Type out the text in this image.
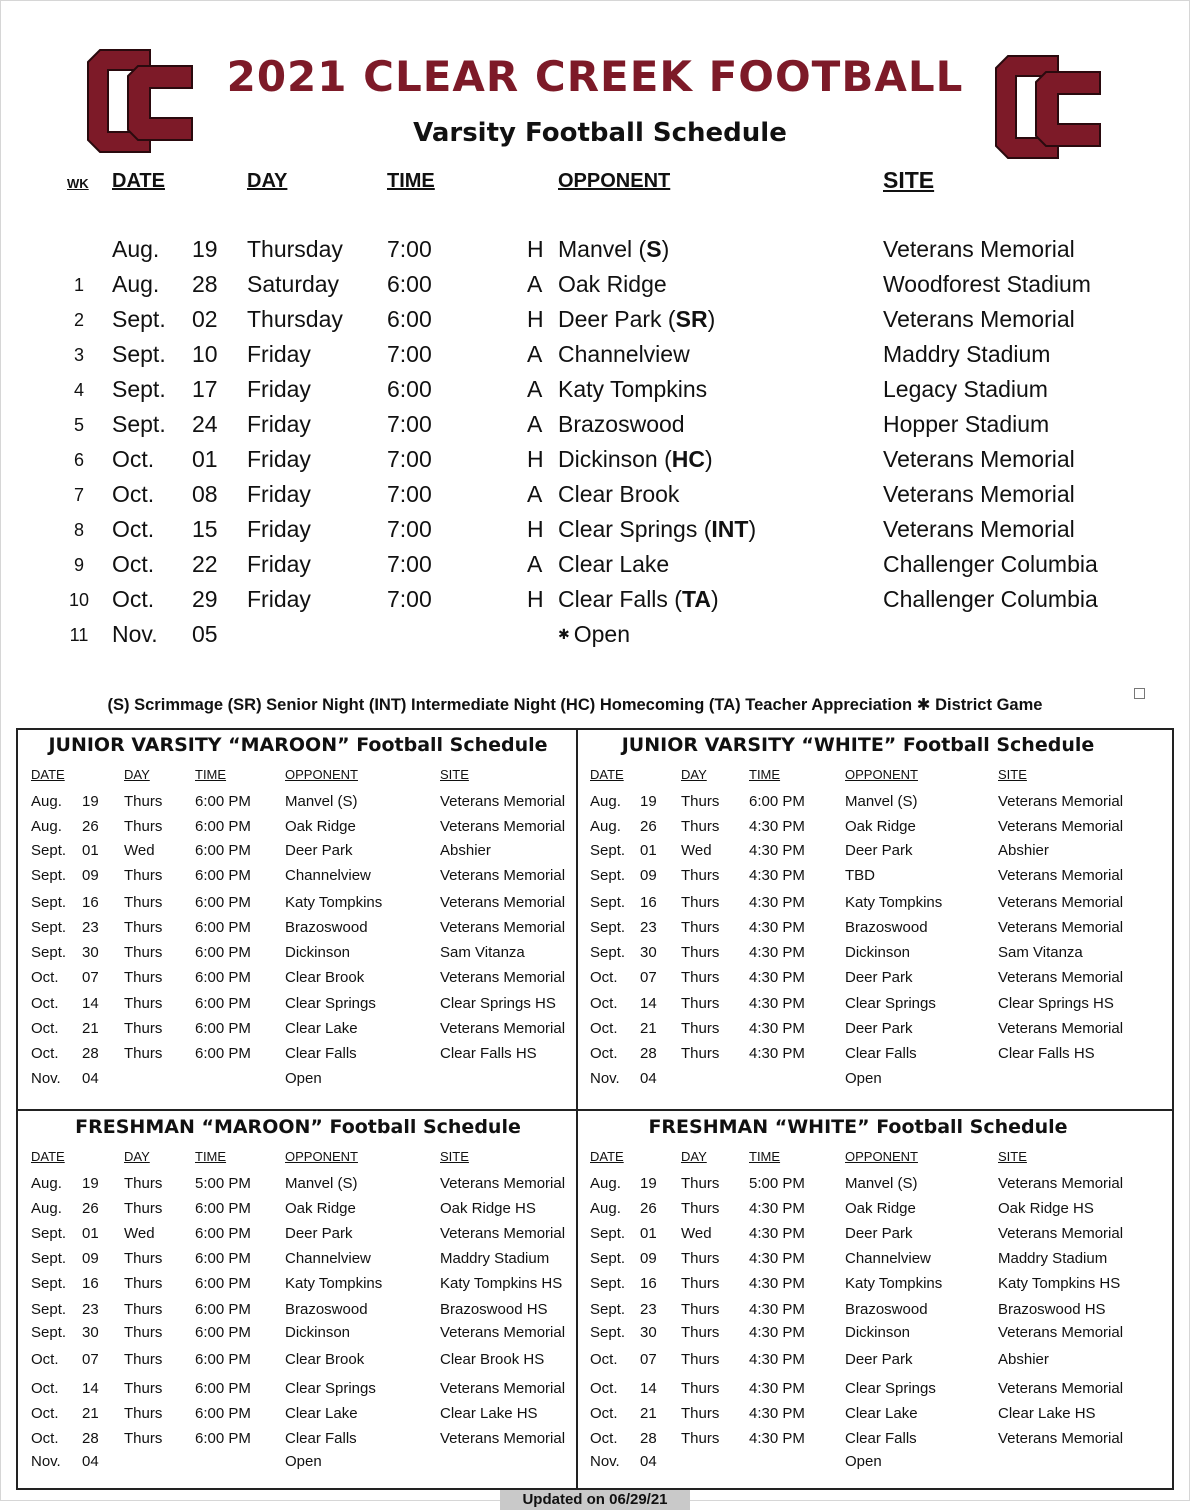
2021 CLEAR CREEK FOOTBALL
Varsity Football Schedule
WK DATE	DAY	TIME	OPPONENT	SITE
Aug. 19 Thursday 7:00	H Manvel (S)	Veterans Memorial
1	Aug. 28 Saturday 6:00	A Oak Ridge	Woodforest Stadium
2	Sept. 02 Thursday 6:00	H Deer Park (SR)	Veterans Memorial
3	Sept. 10 Friday	7:00	A Channelview	Maddry Stadium
4	Sept. 17 Friday	6:00	A Katy Tompkins	Legacy Stadium
5	Sept. 24 Friday	7:00	A Brazoswood	Hopper Stadium
6	Oct. 01 Friday	7:00	H Dickinson (HC)	Veterans Memorial
7	Oct. 08 Friday	7:00	A Clear Brook	Veterans Memorial
8	Oct. 15 Friday	7:00	H Clear Springs (INT)	Veterans Memorial
9	Oct. 22 Friday	7:00	A Clear Lake	Challenger Columbia
10 Oct. 29 Friday	7:00	H Clear Falls (TA)	Challenger Columbia
11	Nov. 05	✱ Open
(S) Scrimmage (SR) Senior Night (INT) Intermediate Night (HC) Homecoming (TA) Teacher Appreciation ✱ District Game
JUNIOR VARSITY “MAROON” Football Schedule
DATE	DAY	TIME	OPPONENT	SITE
Aug. 19 Thurs 6:00 PM Manvel (S)	Veterans Memorial
Aug. 26 Thurs 6:00 PM Oak Ridge	Veterans Memorial
Sept. 01 Wed	6:00 PM Deer Park	Abshier
Sept. 09 Thurs 6:00 PM Channelview	Veterans Memorial
Sept. 16 Thurs 6:00 PM Katy Tompkins	Veterans Memorial
Sept. 23 Thurs 6:00 PM Brazoswood	Veterans Memorial
Sept. 30 Thurs 6:00 PM Dickinson	Sam Vitanza
Oct. 07 Thurs 6:00 PM Clear Brook	Veterans Memorial
Oct. 14 Thurs 6:00 PM Clear Springs	Clear Springs HS
Oct. 21 Thurs 6:00 PM Clear Lake	Veterans Memorial
Oct. 28 Thurs 6:00 PM Clear Falls	Clear Falls HS
Nov. 04	Open
JUNIOR VARSITY “WHITE” Football Schedule
DATE	DAY	TIME	OPPONENT	SITE
Aug. 19 Thurs 6:00 PM	Manvel (S)	Veterans Memorial
Aug. 26 Thurs 4:30 PM	Oak Ridge	Veterans Memorial
Sept. 01 Wed 4:30 PM	Deer Park	Abshier
Sept. 09 Thurs 4:30 PM	TBD	Veterans Memorial
Sept. 16 Thurs 4:30 PM	Katy Tompkins	Veterans Memorial
Sept. 23 Thurs 4:30 PM	Brazoswood	Veterans Memorial
Sept. 30 Thurs 4:30 PM	Dickinson	Sam Vitanza
Oct. 07 Thurs 4:30 PM	Deer Park	Veterans Memorial
Oct. 14 Thurs 4:30 PM	Clear Springs	Clear Springs HS
Oct. 21 Thurs 4:30 PM	Deer Park	Veterans Memorial
Oct. 28 Thurs 4:30 PM	Clear Falls	Clear Falls HS
Nov. 04	Open
FRESHMAN “MAROON” Football Schedule
DATE	DAY	TIME	OPPONENT	SITE
Aug. 19 Thurs 5:00 PM Manvel (S)	Veterans Memorial
Aug. 26 Thurs 6:00 PM Oak Ridge	Oak Ridge HS
Sept. 01 Wed	6:00 PM Deer Park	Veterans Memorial
Sept. 09 Thurs 6:00 PM Channelview	Maddry Stadium
Sept. 16 Thurs 6:00 PM Katy Tompkins	Katy Tompkins HS
Sept. 23 Thurs 6:00 PM Brazoswood	Brazoswood HS
Sept. 30 Thurs 6:00 PM Dickinson	Veterans Memorial
Oct. 07 Thurs 6:00 PM Clear Brook	Clear Brook HS
Oct. 14 Thurs 6:00 PM Clear Springs	Veterans Memorial
Oct. 21 Thurs 6:00 PM Clear Lake	Clear Lake HS
Oct. 28 Thurs 6:00 PM Clear Falls	Veterans Memorial
Nov. 04	Open
FRESHMAN “WHITE” Football Schedule
DATE	DAY	TIME	OPPONENT	SITE
Aug. 19 Thurs 5:00 PM	Manvel (S)	Veterans Memorial
Aug. 26 Thurs 4:30 PM	Oak Ridge	Oak Ridge HS
Sept. 01 Wed 4:30 PM	Deer Park	Veterans Memorial
Sept. 09 Thurs 4:30 PM	Channelview	Maddry Stadium
Sept. 16 Thurs 4:30 PM	Katy Tompkins	Katy Tompkins HS
Sept. 23 Thurs 4:30 PM	Brazoswood	Brazoswood HS
Sept. 30 Thurs 4:30 PM	Dickinson	Veterans Memorial
Oct. 07 Thurs 4:30 PM	Deer Park	Abshier
Oct. 14 Thurs 4:30 PM	Clear Springs	Veterans Memorial
Oct. 21 Thurs 4:30 PM	Clear Lake	Clear Lake HS
Oct. 28 Thurs 4:30 PM	Clear Falls	Veterans Memorial
Nov. 04	Open
Updated on 06/29/21
